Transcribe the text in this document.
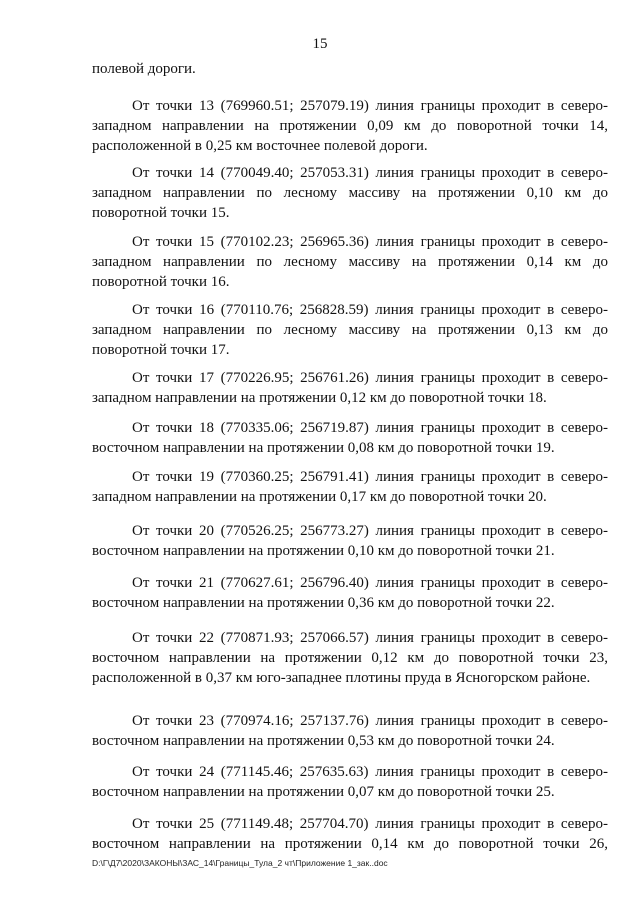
15
полевой дороги.
От точки 13 (769960.51; 257079.19) линия границы проходит в северо-
западном направлении на протяжении 0,09 км до поворотной точки 14,
расположенной в 0,25 км восточнее полевой дороги.
От точки 14 (770049.40; 257053.31) линия границы проходит в северо-
западном направлении по лесному массиву на протяжении 0,10 км до
поворотной точки 15.
От точки 15 (770102.23; 256965.36) линия границы проходит в северо-
западном направлении по лесному массиву на протяжении 0,14 км до
поворотной точки 16.
От точки 16 (770110.76; 256828.59) линия границы проходит в северо-
западном направлении по лесному массиву на протяжении 0,13 км до
поворотной точки 17.
От точки 17 (770226.95; 256761.26) линия границы проходит в северо-
западном направлении на протяжении 0,12 км до поворотной точки 18.
От точки 18 (770335.06; 256719.87) линия границы проходит в северо-
восточном направлении на протяжении 0,08 км до поворотной точки 19.
От точки 19 (770360.25; 256791.41) линия границы проходит в северо-
западном направлении на протяжении 0,17 км до поворотной точки 20.
От точки 20 (770526.25; 256773.27) линия границы проходит в северо-
восточном направлении на протяжении 0,10 км до поворотной точки 21.
От точки 21 (770627.61; 256796.40) линия границы проходит в северо-
восточном направлении на протяжении 0,36 км до поворотной точки 22.
От точки 22 (770871.93; 257066.57) линия границы проходит в северо-
восточном направлении на протяжении 0,12 км до поворотной точки 23,
расположенной в 0,37 км юго-западнее плотины пруда в Ясногорском районе.
От точки 23 (770974.16; 257137.76) линия границы проходит в северо-
восточном направлении на протяжении 0,53 км до поворотной точки 24.
От точки 24 (771145.46; 257635.63) линия границы проходит в северо-
восточном направлении на протяжении 0,07 км до поворотной точки 25.
От точки 25 (771149.48; 257704.70) линия границы проходит в северо-
восточном направлении на протяжении 0,14 км до поворотной точки 26,
D:\Г\Д7\2020\ЗАКОНЫ\ЗАС_14\Границы_Тула_2 чт\Приложение 1_зак..doc
